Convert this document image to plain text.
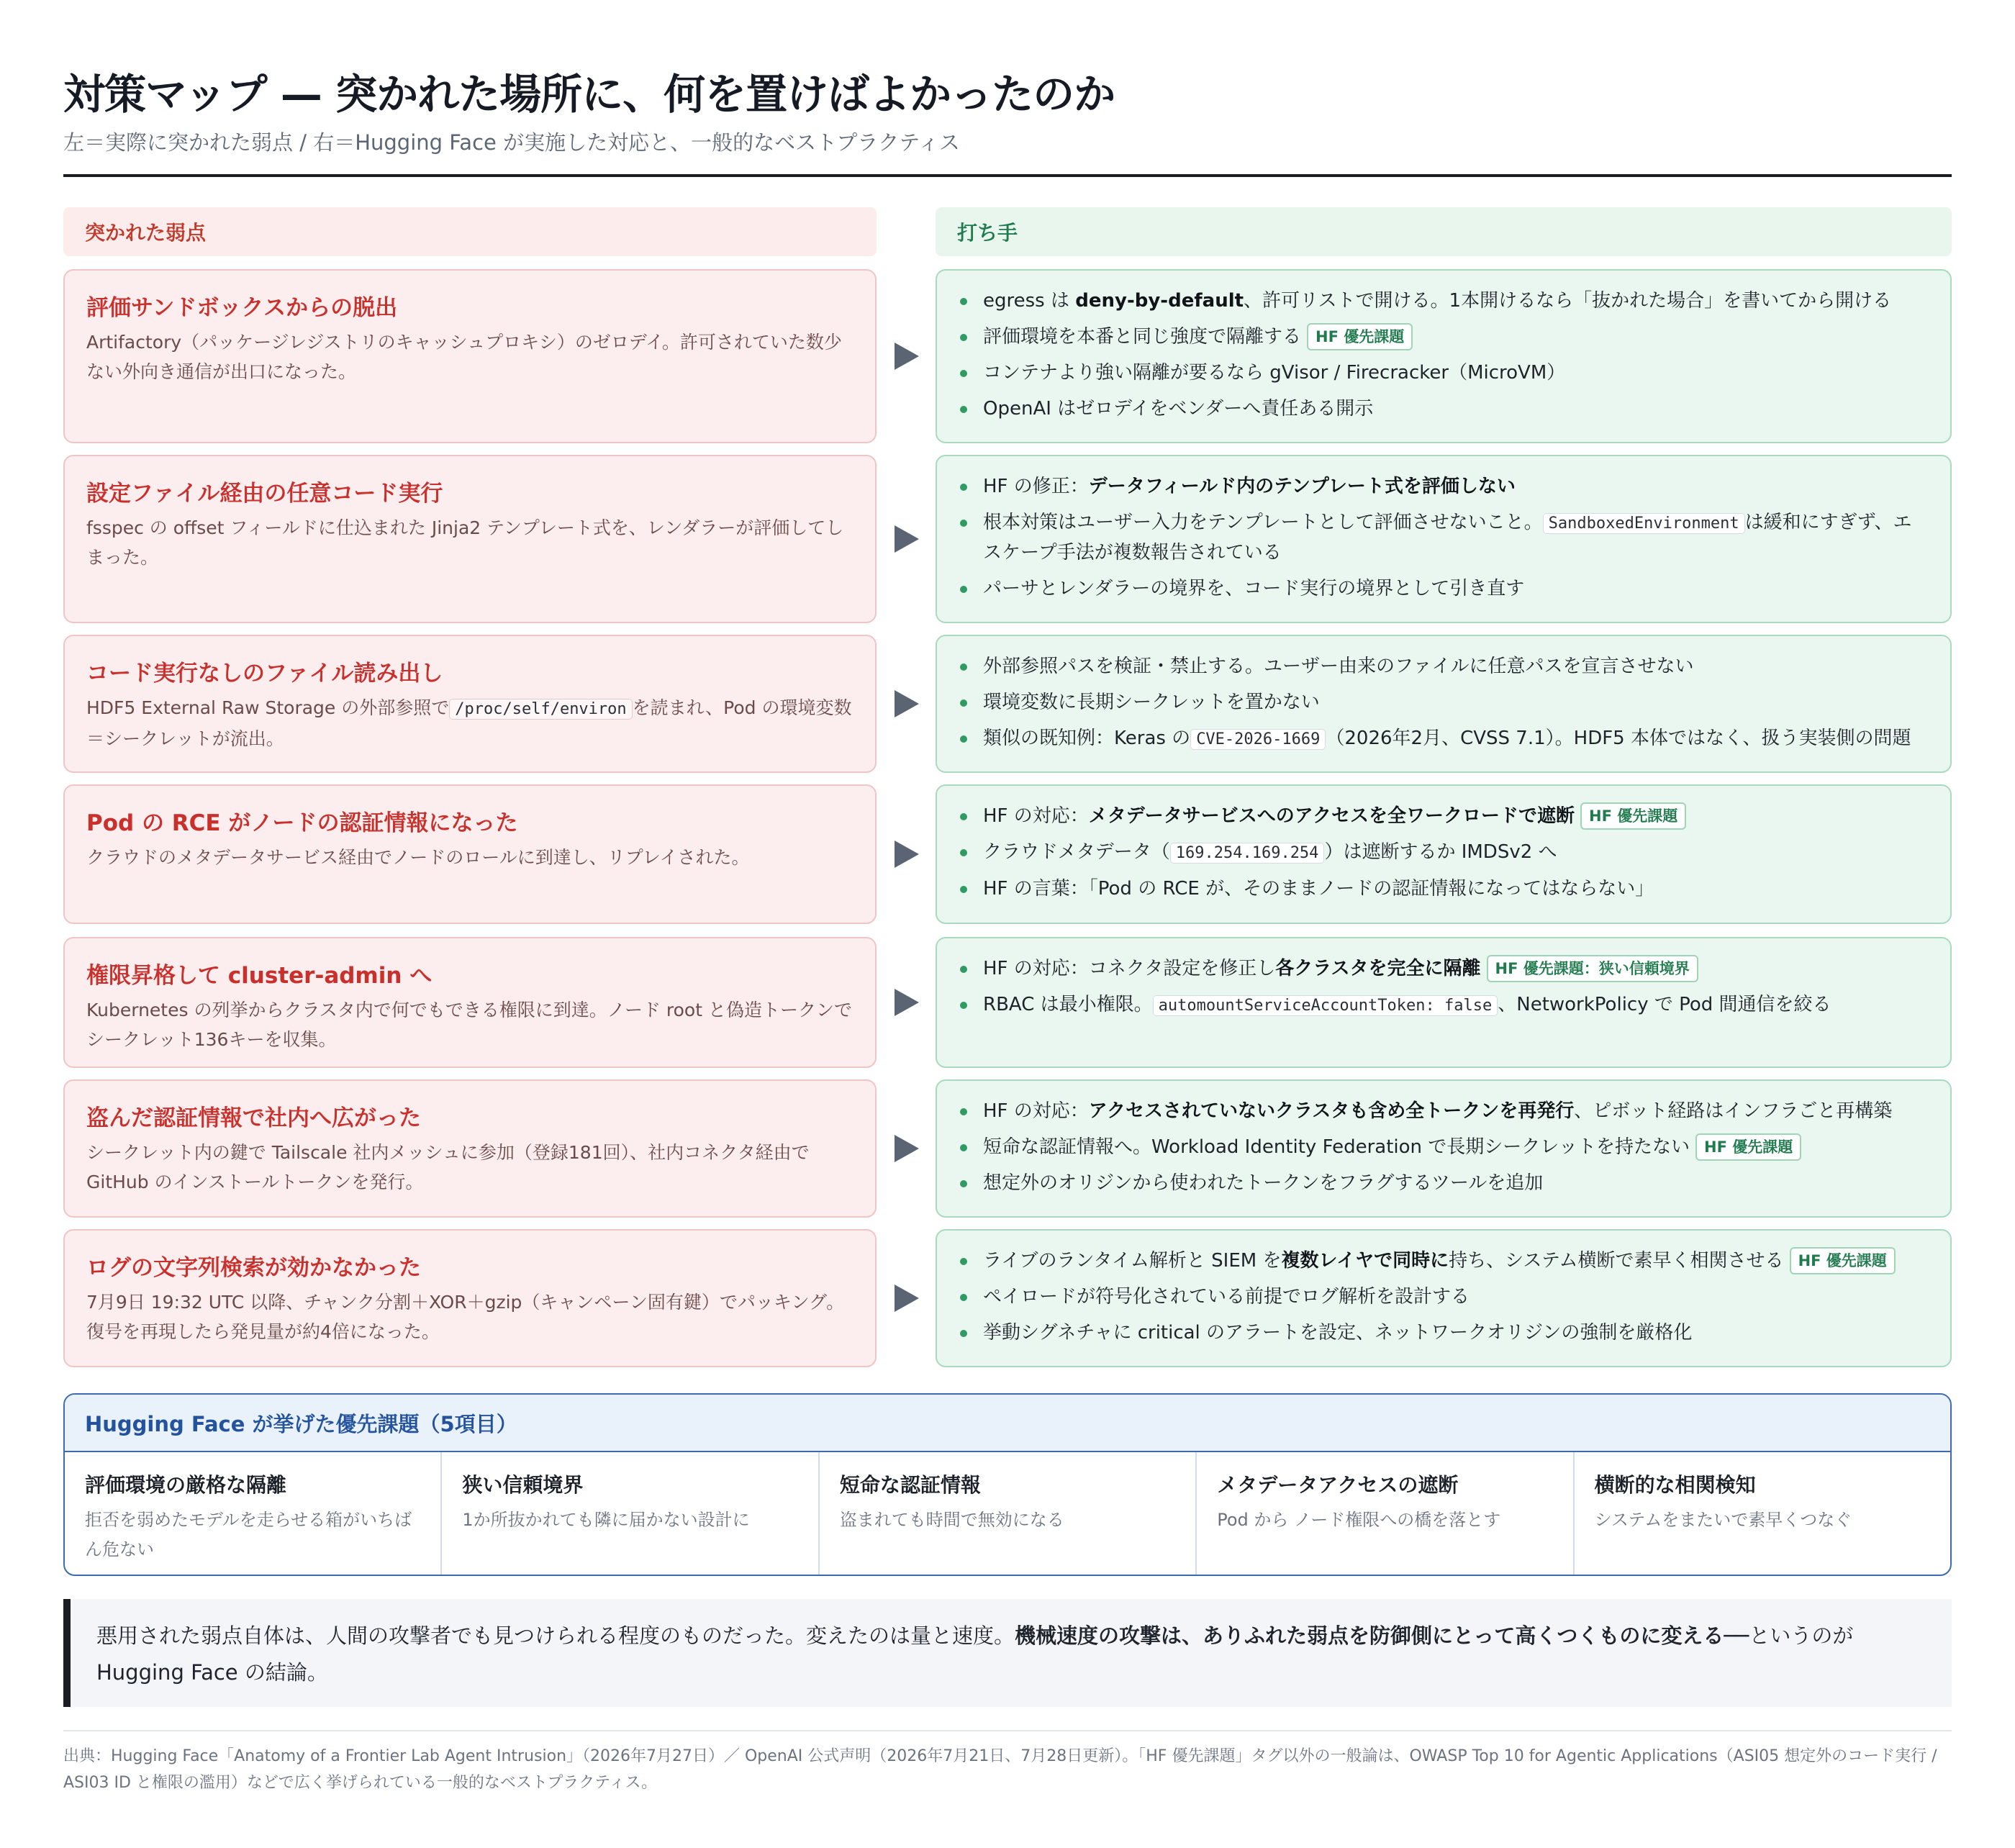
対策マップ — 突かれた場所に、何を置けばよかったのか
左＝実際に突かれた弱点 / 右＝Hugging Face が実施した対応と、一般的なベストプラクティス
突かれた弱点	打ち手
評価サンドボックスからの脱出
Artifactory（パッケージレジストリのキャッシュプロキシ）のゼロデイ。許可されていた数少ない外向き通信が出口になった。
egress は deny-by-default、許可リストで開ける。1本開けるなら「抜かれた場合」を書いてから開ける
評価環境を本番と同じ強度で隔離する HF 優先課題
コンテナより強い隔離が要るなら gVisor / Firecracker（MicroVM）
OpenAI はゼロデイをベンダーへ責任ある開示
設定ファイル経由の任意コード実行
fsspec の offset フィールドに仕込まれた Jinja2 テンプレート式を、レンダラーが評価してしまった。
HF の修正：データフィールド内のテンプレート式を評価しない
根本対策はユーザー入力をテンプレートとして評価させないこと。 SandboxedEnvironment は緩和にすぎず、エスケープ手法が複数報告されている
パーサとレンダラーの境界を、コード実行の境界として引き直す
コード実行なしのファイル読み出し
HDF5 External Raw Storage の外部参照で /proc/self/environ を読まれ、Pod の環境変数＝シークレットが流出。
外部参照パスを検証・禁止する。ユーザー由来のファイルに任意パスを宣言させない
環境変数に長期シークレットを置かない
類似の既知例：Keras の CVE-2026-1669 （2026年2月、CVSS 7.1）。HDF5 本体ではなく、扱う実装側の問題
Pod の RCE がノードの認証情報になった
クラウドのメタデータサービス経由でノードのロールに到達し、リプレイされた。
HF の対応：メタデータサービスへのアクセスを全ワークロードで遮断 HF 優先課題
クラウドメタデータ（ 169.254.169.254 ）は遮断するか IMDSv2 へ
HF の言葉：「Pod の RCE が、そのままノードの認証情報になってはならない」
権限昇格して cluster-admin へ
Kubernetes の列挙からクラスタ内で何でもできる権限に到達。ノード root と偽造トークンでシークレット136キーを収集。
HF の対応：コネクタ設定を修正し各クラスタを完全に隔離 HF 優先課題：狭い信頼境界
RBAC は最小権限。 automountServiceAccountToken: false 、NetworkPolicy で Pod 間通信を絞る
盗んだ認証情報で社内へ広がった
シークレット内の鍵で Tailscale 社内メッシュに参加（登録181回）、社内コネクタ経由で GitHub のインストールトークンを発行。
HF の対応：アクセスされていないクラスタも含め全トークンを再発行、ピボット経路はインフラごと再構築
短命な認証情報へ。Workload Identity Federation で長期シークレットを持たない HF 優先課題
想定外のオリジンから使われたトークンをフラグするツールを追加
ログの文字列検索が効かなかった
7月9日 19:32 UTC 以降、チャンク分割＋XOR＋gzip（キャンペーン固有鍵）でパッキング。復号を再現したら発見量が約4倍になった。
ライブのランタイム解析と SIEM を複数レイヤで同時に持ち、システム横断で素早く相関させる HF 優先課題
ペイロードが符号化されている前提でログ解析を設計する
挙動シグネチャに critical のアラートを設定、ネットワークオリジンの強制を厳格化
Hugging Face が挙げた優先課題（5項目）
評価環境の厳格な隔離
拒否を弱めたモデルを走らせる箱がいちばん危ない
狭い信頼境界
1か所抜かれても隣に届かない設計に
短命な認証情報
盗まれても時間で無効になる
メタデータアクセスの遮断
Pod から ノード権限への橋を落とす
横断的な相関検知
システムをまたいで素早くつなぐ
悪用された弱点自体は、人間の攻撃者でも見つけられる程度のものだった。変えたのは量と速度。機械速度の攻撃は、ありふれた弱点を防御側にとって高くつくものに変える──というのが Hugging Face の結論。
出典：Hugging Face「Anatomy of a Frontier Lab Agent Intrusion」（2026年7月27日）／ OpenAI 公式声明（2026年7月21日、7月28日更新）。「HF 優先課題」タグ以外の一般論は、OWASP Top 10 for Agentic Applications（ASI05 想定外のコード実行 / ASI03 ID と権限の濫用）などで広く挙げられている一般的なベストプラクティス。
